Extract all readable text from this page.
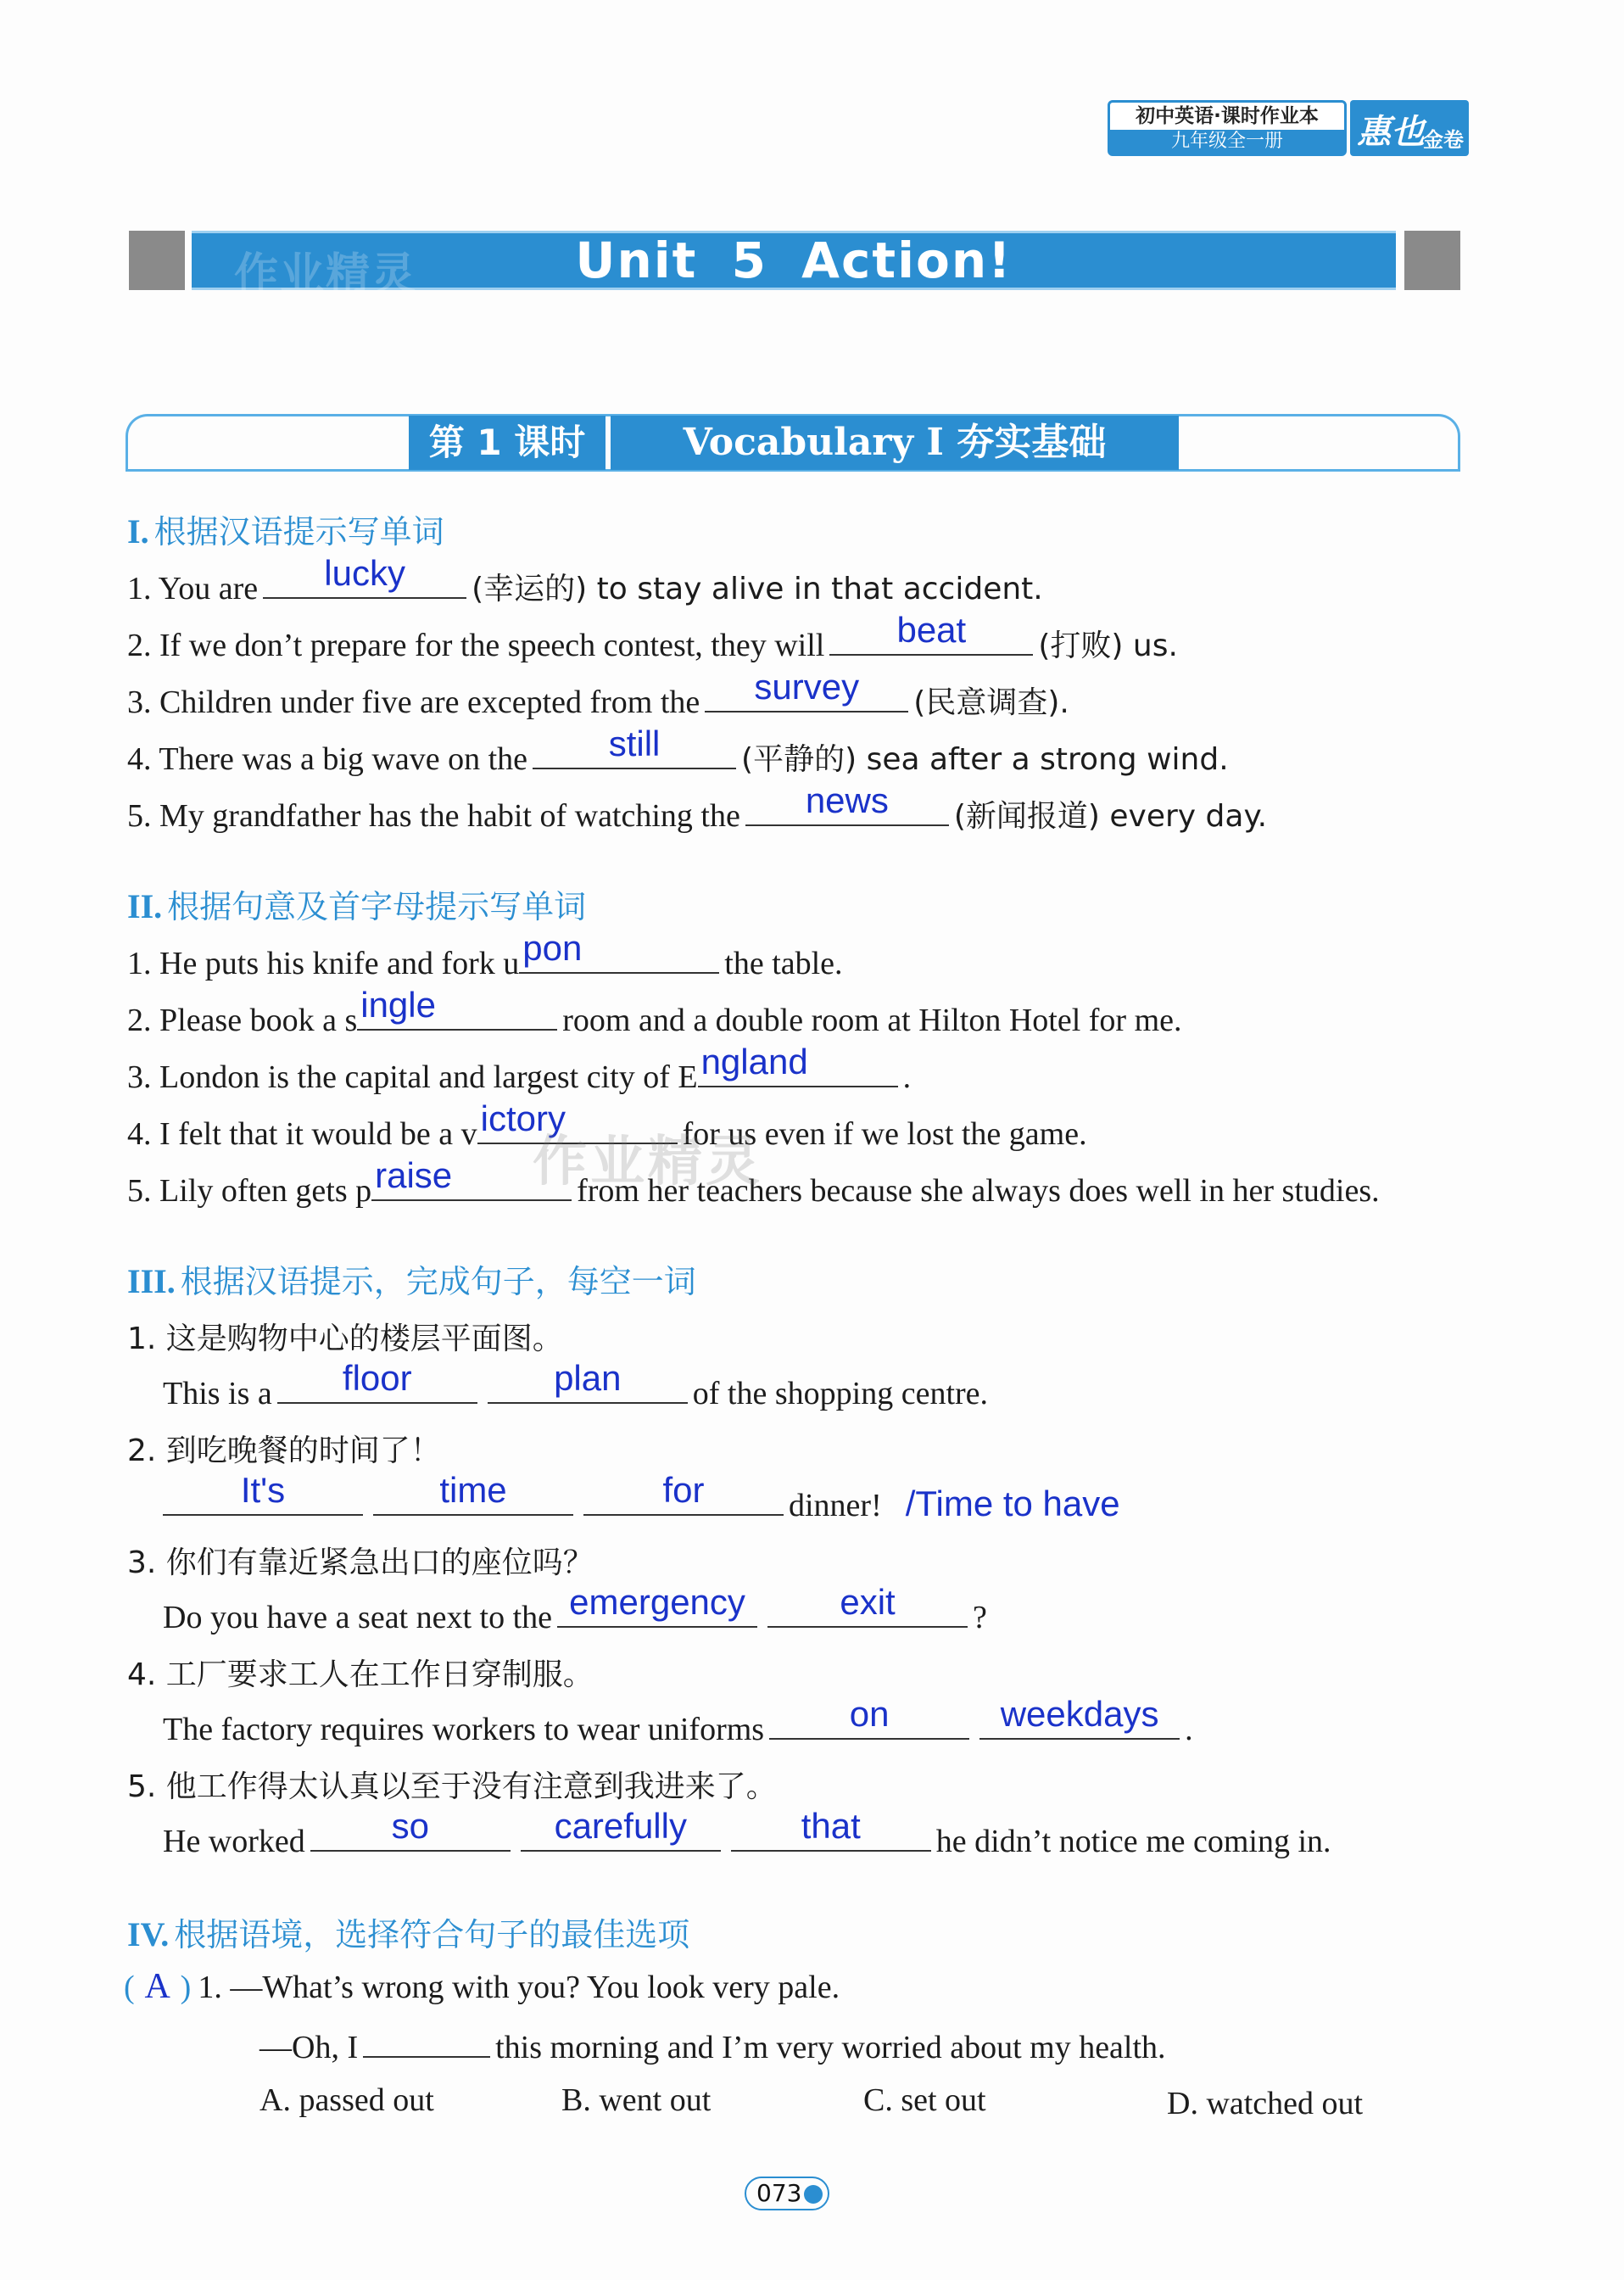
初中英语·课时作业本
九年级全一册	惠也
金卷
作业精灵	Unit 5 Action!
第 1 课时	Vocabulary I 夯实基础
I. 根据汉语提示写单词
1. You are	lucky	(幸运的) to stay alive in that accident.
2. If we don’t prepare for the speech contest, they will	beat	(打败) us.
3. Children under five are excepted from the	survey	(民意调查).
4. There was a big wave on the	still	(平静的) sea after a strong wind.
5. My grandfather has the habit of watching the	news	(新闻报道) every day.
II. 根据句意及首字母提示写单词
1. He puts his knife and fork u pon	the table.
2. Please book a s ingle	room and a double room at Hilton Hotel for me.
3. London is the capital and largest city of E ngland	.
4. I felt that it would be a v ictory	for us even if we lost the game.
5. Lily often gets p raise	from her teachers because she always does well in her studies.
作业精灵
III. 根据汉语提示，完成句子，每空一词
1. 这是购物中心的楼层平面图。
This is a	floor	plan	of the shopping centre.
2. 到吃晚餐的时间了！
It's	time	for	dinner! /Time to have
3. 你们有靠近紧急出口的座位吗？
Do you have a seat next to the emergency	exit	?
4. 工厂要求工人在工作日穿制服。
The factory requires workers to wear uniforms	on	weekdays .
5. 他工作得太认真以至于没有注意到我进来了。
He worked	so	carefully	that	he didn’t notice me coming in.
IV. 根据语境，选择符合句子的最佳选项
( A ) 1. —What’s wrong with you? You look very pale.
—Oh, I	this morning and I’m very worried about my health.
A. passed out	B. went out	C. set out	D. watched out
073
